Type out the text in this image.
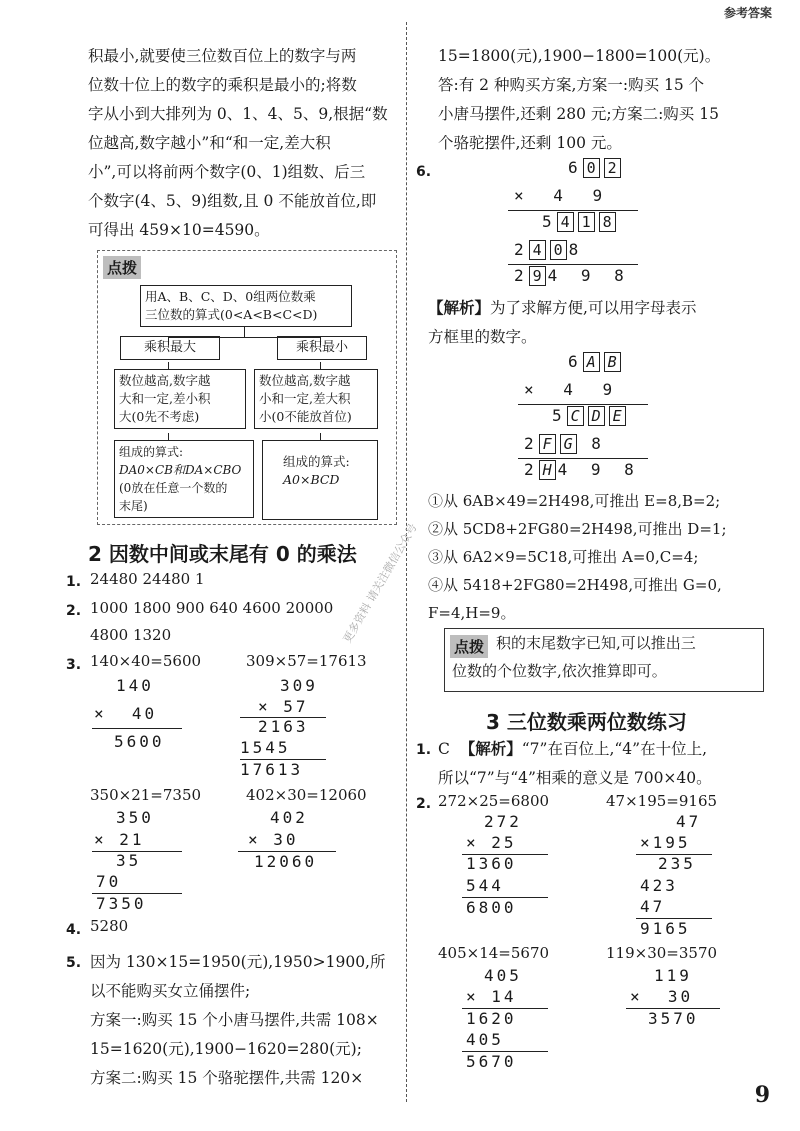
参考答案
积最小,就要使三位数百位上的数字与两
位数十位上的数字的乘积是最小的;将数
字从小到大排列为 0、1、4、5、9,根据“数
位越高,数字越小”和“和一定,差大积
小”,可以将前两个数字(0、1)组数、后三
个数字(4、5、9)组数,且 0 不能放首位,即
可得出 459×10=4590。
点拨
用A、B、C、D、0组两位数乘
三位数的算式(0<A<B<C<D)
乘积最大	乘积最小
数位越高,数字越
大和一定,差小积
大(0先不考虑)
数位越高,数字越
小和一定,差大积
小(0不能放首位)
组成的算式:
DA0×CB和DA×CBO
(0放在任意一个数的
末尾)
组成的算式:
A0×BCD
2 因数中间或末尾有 0 的乘法
1. 24480 24480 1
2. 1000 1800 900 640 4600 20000
4800 1320
3. 140×40=5600	309×57=17613
140
×  40
5600
309
× 57
2163
1545
17613
350×21=7350	402×30=12060
350
× 21
35
70
7350
402
× 30
12060
4. 5280
5. 因为 130×15=1950(元),1950>1900,所
以不能购买女立俑摆件;
方案一:购买 15 个小唐马摆件,共需 108×
15=1620(元),1900−1620=280(元);
方案二:购买 15 个骆驼摆件,共需 120×
更多资料 请关注微信公众号
15=1800(元),1900−1800=100(元)。
答:有 2 种购买方案,方案一:购买 15 个
小唐马摆件,还剩 280 元;方案二:购买 15
个骆驼摆件,还剩 100 元。
6.	6 0 2
× 4 9
5 4 1 8
2 4 0 8
2 9 4 9 8
【解析】为了求解方便,可以用字母表示
方框里的数字。
6 A B
× 4 9
5 C D E
2 F G 8
2 H 4 9 8
①从 6AB×49=2H498,可推出 E=8,B=2;
②从 5CD8+2FG80=2H498,可推出 D=1;
③从 6A2×9=5C18,可推出 A=0,C=4;
④从 5418+2FG80=2H498,可推出 G=0,
F=4,H=9。
点拨 积的末尾数字已知,可以推出三
位数的个位数字,依次推算即可。
3 三位数乘两位数练习
1. C 【解析】“7”在百位上,“4”在十位上,
所以“7”与“4”相乘的意义是 700×40。
2. 272×25=6800	47×195=9165
272
× 25
1360
544
6800
47
×195
235
423
47
9165
405×14=5670	119×30=3570
405
× 14
1620
405
5670
119
×  30
3570
9
